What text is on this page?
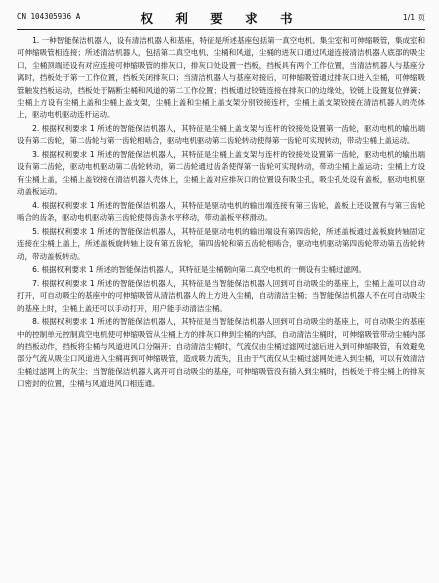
CN 104305936 A	权 利 要 求 书	1/1 页

1. 一种智能保洁机器人，设有清洁机器人和基座，特征是所述基座包括第一真空电机、集尘室和可伸缩吸管，集成室和可伸缩吸管相连接；所述清洁机器人，包括第二真空电机、尘桶和风道，尘桶的进灰口通过风道连接清洁机器人底部的吸尘口，尘桶顶端还设有对应连接可伸缩吸管的排灰口，排灰口处设置一挡板，挡板具有两个工作位置，当清洁机器人与基座分离时，挡板处于第一工作位置，挡板关闭排灰口；当清洁机器人与基座对接后，可伸缩吸管通过排灰口进入尘桶，可伸缩吸管触发挡板运动，挡板处于隔断尘桶和风道的第二工作位置；挡板通过铰链连接在排灰口的边缘处，铰链上设置复位弹簧；尘桶上方设有尘桶上盖和尘桶上盖支架，尘桶上盖和尘桶上盖支架分别铰接连杆，尘桶上盖支架铰接在清洁机器人的壳体上，驱动电机驱动连杆运动。

2. 根据权利要求 1 所述的智能保洁机器人，其特征是尘桶上盖支架与连杆的铰接处设置第一齿轮，驱动电机的输出端设有第二齿轮，第二齿轮与第一齿轮相啮合，驱动电机驱动第二齿轮转动使得第一齿轮可实现转动，带动尘桶上盖运动。

3. 根据权利要求 1 所述的智能保洁机器人，其特征是尘桶上盖支架与连杆的铰接处设置第一齿轮，驱动电机的输出端设有第二齿轮，驱动电机驱动第二齿轮转动，第二齿轮通过齿条使得第一齿轮可实现转动，带动尘桶上盖运动；尘桶上方设有尘桶上盖，尘桶上盖铰接在清洁机器人壳体上，尘桶上盖对应排灰口的位置设有吸尘孔，吸尘孔处设有盖板，驱动电机驱动盖板运动。

4. 根据权利要求 1 所述的智能保洁机器人，其特征是驱动电机的输出端连接有第三齿轮，盖板上还设置有与第三齿轮啮合的齿条，驱动电机驱动第三齿轮使得齿条水平移动，带动盖板平移滑动。

5. 根据权利要求 1 所述的智能保洁机器人，其特征是驱动电机的输出端设有第四齿轮，所述盖板通过盖板旋转轴固定连接在尘桶上盖上，所述盖板旋转轴上设有第五齿轮，第四齿轮和第五齿轮相啮合，驱动电机驱动第四齿轮带动第五齿轮转动，带动盖板转动。

6. 根据权利要求 1 所述的智能保洁机器人，其特征是尘桶朝向第二真空电机的一侧设有尘桶过滤网。

7. 根据权利要求 1 所述的智能保洁机器人，其特征是当智能保洁机器人回到可自动吸尘的基座上，尘桶上盖可以自动打开，可自动吸尘的基座中的可伸缩吸管从清洁机器人的上方进入尘桶，自动清洁尘桶；当智能保洁机器人不在可自动吸尘的基座上时，尘桶上盖还可以手动打开，用户能手动清洁尘桶。

8. 根据权利要求 1 所述的智能保洁机器人，其特征是当智能保洁机器人回到可自动吸尘的基座上，可自动吸尘的基座中的控制单元控制真空电机使可伸缩吸管从尘桶上方的排灰口伸到尘桶的内部，自动清洁尘桶时，可伸缩吸管带动尘桶内部的挡板动作，挡板将尘桶与风道进风口分隔开；自动清洁尘桶时，气流仅由尘桶过滤网过滤后进入到可伸缩吸管，有效避免部分气流从吸尘口风道进入尘桶再到可伸缩吸管，造成吸力流失，且由于气流仅从尘桶过滤网处进入到尘桶，可以有效清洁尘桶过滤网上的灰尘；当智能保洁机器人离开可自动吸尘的基座，可伸缩吸管没有插入到尘桶时，挡板处于将尘桶上的排灰口密封的位置，尘桶与风道进风口相连通。
